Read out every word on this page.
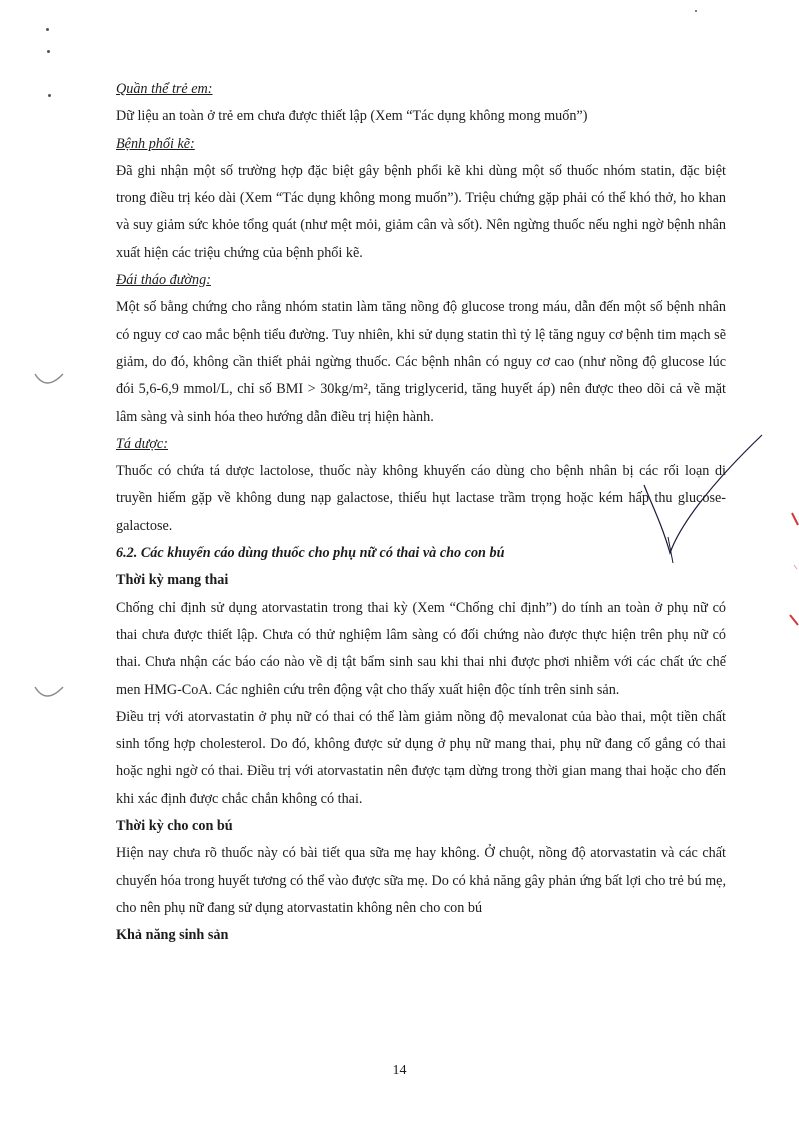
Quần thể trẻ em:

Dữ liệu an toàn ở trẻ em chưa được thiết lập (Xem “Tác dụng không mong muốn”)

Bệnh phổi kẽ:

Đã ghi nhận một số trường hợp đặc biệt gây bệnh phổi kẽ khi dùng một số thuốc nhóm statin, đặc biệt trong điều trị kéo dài (Xem “Tác dụng không mong muốn”). Triệu chứng gặp phải có thể khó thở, ho khan và suy giảm sức khỏe tổng quát (như mệt mỏi, giảm cân và sốt). Nên ngừng thuốc nếu nghi ngờ bệnh nhân xuất hiện các triệu chứng của bệnh phổi kẽ.

Đái tháo đường:

Một số bằng chứng cho rằng nhóm statin làm tăng nồng độ glucose trong máu, dẫn đến một số bệnh nhân có nguy cơ cao mắc bệnh tiểu đường. Tuy nhiên, khi sử dụng statin thì tỷ lệ tăng nguy cơ bệnh tim mạch sẽ giảm, do đó, không cần thiết phải ngừng thuốc. Các bệnh nhân có nguy cơ cao (như nồng độ glucose lúc đói 5,6-6,9 mmol/L, chỉ số BMI > 30kg/m², tăng triglycerid, tăng huyết áp) nên được theo dõi cả về mặt lâm sàng và sinh hóa theo hướng dẫn điều trị hiện hành.

Tá dược:

Thuốc có chứa tá dược lactolose, thuốc này không khuyến cáo dùng cho bệnh nhân bị các rối loạn di truyền hiếm gặp về không dung nạp galactose, thiếu hụt lactase trầm trọng hoặc kém hấp thu glucose-galactose.

6.2. Các khuyến cáo dùng thuốc cho phụ nữ có thai và cho con bú

Thời kỳ mang thai

Chống chỉ định sử dụng atorvastatin trong thai kỳ (Xem “Chống chỉ định”) do tính an toàn ở phụ nữ có thai chưa được thiết lập. Chưa có thử nghiệm lâm sàng có đối chứng nào được thực hiện trên phụ nữ có thai. Chưa nhận các báo cáo nào về dị tật bẩm sinh sau khi thai nhi được phơi nhiễm với các chất ức chế men HMG-CoA. Các nghiên cứu trên động vật cho thấy xuất hiện độc tính trên sinh sản.

Điều trị với atorvastatin ở phụ nữ có thai có thể làm giảm nồng độ mevalonat của bào thai, một tiền chất sinh tổng hợp cholesterol. Do đó, không được sử dụng ở phụ nữ mang thai, phụ nữ đang cố gắng có thai hoặc nghi ngờ có thai. Điều trị với atorvastatin nên được tạm dừng trong thời gian mang thai hoặc cho đến khi xác định được chắc chắn không có thai.

Thời kỳ cho con bú

Hiện nay chưa rõ thuốc này có bài tiết qua sữa mẹ hay không. Ở chuột, nồng độ atorvastatin và các chất chuyển hóa trong huyết tương có thể vào được sữa mẹ. Do có khả năng gây phản ứng bất lợi cho trẻ bú mẹ, cho nên phụ nữ đang sử dụng atorvastatin không nên cho con bú

Khả năng sinh sản

14
